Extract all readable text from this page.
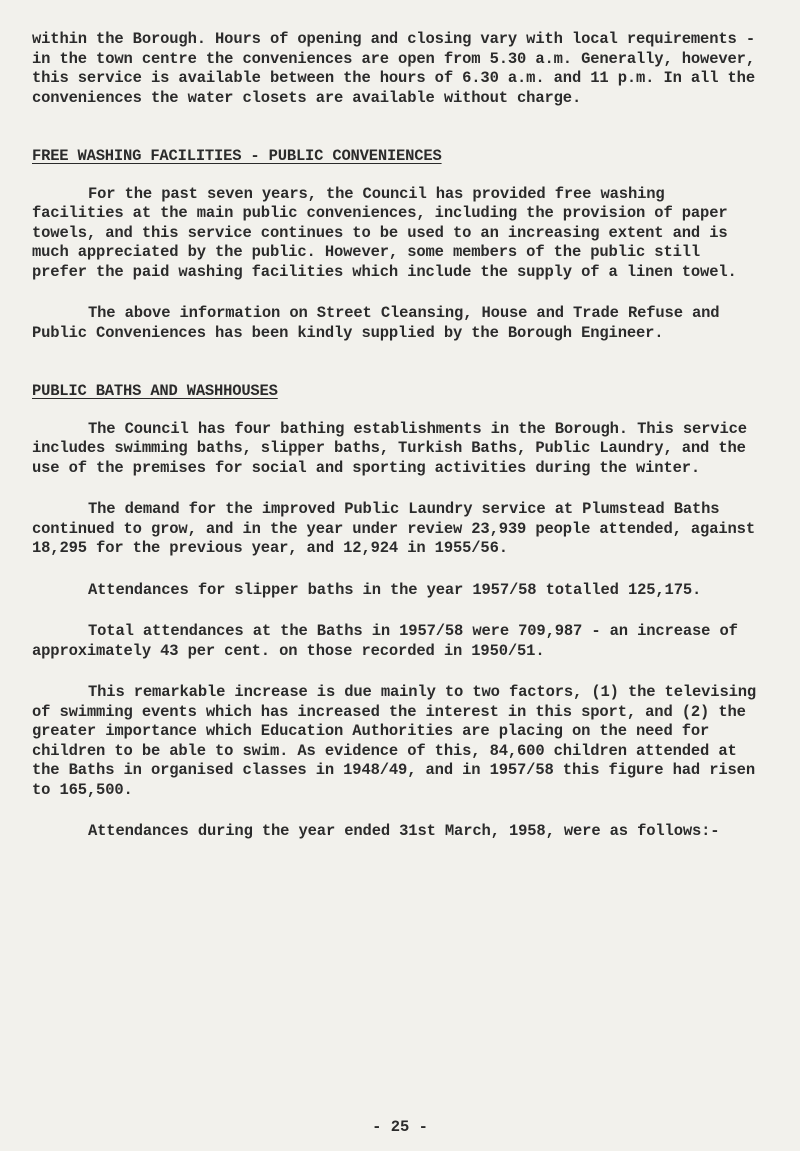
within the Borough. Hours of opening and closing vary with local requirements - in the town centre the conveniences are open from 5.30 a.m. Generally, however, this service is available between the hours of 6.30 a.m. and 11 p.m. In all the conveniences the water closets are available without charge.

FREE WASHING FACILITIES - PUBLIC CONVENIENCES

For the past seven years, the Council has provided free washing facilities at the main public conveniences, including the provision of paper towels, and this service continues to be used to an increasing extent and is much appreciated by the public. However, some members of the public still prefer the paid washing facilities which include the supply of a linen towel.

The above information on Street Cleansing, House and Trade Refuse and Public Conveniences has been kindly supplied by the Borough Engineer.

PUBLIC BATHS AND WASHHOUSES

The Council has four bathing establishments in the Borough. This service includes swimming baths, slipper baths, Turkish Baths, Public Laundry, and the use of the premises for social and sporting activities during the winter.

The demand for the improved Public Laundry service at Plumstead Baths continued to grow, and in the year under review 23,939 people attended, against 18,295 for the previous year, and 12,924 in 1955/56.

Attendances for slipper baths in the year 1957/58 totalled 125,175.

Total attendances at the Baths in 1957/58 were 709,987 - an increase of approximately 43 per cent. on those recorded in 1950/51.

This remarkable increase is due mainly to two factors, (1) the televising of swimming events which has increased the interest in this sport, and (2) the greater importance which Education Authorities are placing on the need for children to be able to swim. As evidence of this, 84,600 children attended at the Baths in organised classes in 1948/49, and in 1957/58 this figure had risen to 165,500.

Attendances during the year ended 31st March, 1958, were as follows:-

- 25 -
